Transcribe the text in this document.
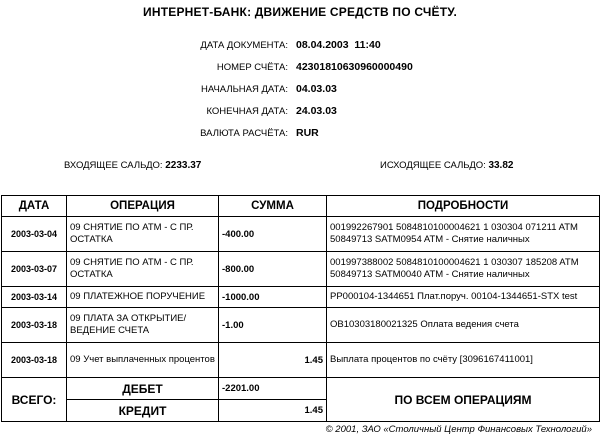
ИНТЕРНЕТ-БАНК: ДВИЖЕНИЕ СРЕДСТВ ПО СЧЁТУ.
ДАТА ДОКУМЕНТА:	08.04.2003  11:40
НОМЕР СЧЁТА:	42301810630960000490
НАЧАЛЬНАЯ ДАТА:	04.03.03
КОНЕЧНАЯ ДАТА:	24.03.03
ВАЛЮТА РАСЧЁТА:	RUR
ВХОДЯЩЕЕ САЛЬДО: 2233.37	ИСХОДЯЩЕЕ САЛЬДО: 33.82
ДАТА	ОПЕРАЦИЯ	СУММА	ПОДРОБНОСТИ
2003-03-04	09 СНЯТИЕ ПО АТМ - С ПР. ОСТАТКА	-400.00	001992267901 5084810100004621 1 030304 071211 ATM 50849713 SATM0954 ATM - Снятие наличных
2003-03-07	09 СНЯТИЕ ПО АТМ - С ПР. ОСТАТКА	-800.00	001997388002 5084810100004621 1 030307 185208 ATM 50849713 SATM0040 ATM - Снятие наличных
2003-03-14	09 ПЛАТЕЖНОЕ ПОРУЧЕНИЕ	-1000.00	PP000104-1344651 Плат.поруч. 00104-1344651-STX test
2003-03-18	09 ПЛАТА ЗА ОТКРЫТИЕ/ВЕДЕНИЕ СЧЕТА	-1.00	OB10303180021325 Оплата ведения счета
2003-03-18	09 Учет выплаченных процентов	1.45	Выплата процентов по счёту [3096167411001]
ВСЕГО:	ДЕБЕТ	-2201.00	ПО ВСЕМ ОПЕРАЦИЯМ
	КРЕДИТ	1.45	
© 2001, ЗАО «Столичный Центр Финансовых Технологий»
